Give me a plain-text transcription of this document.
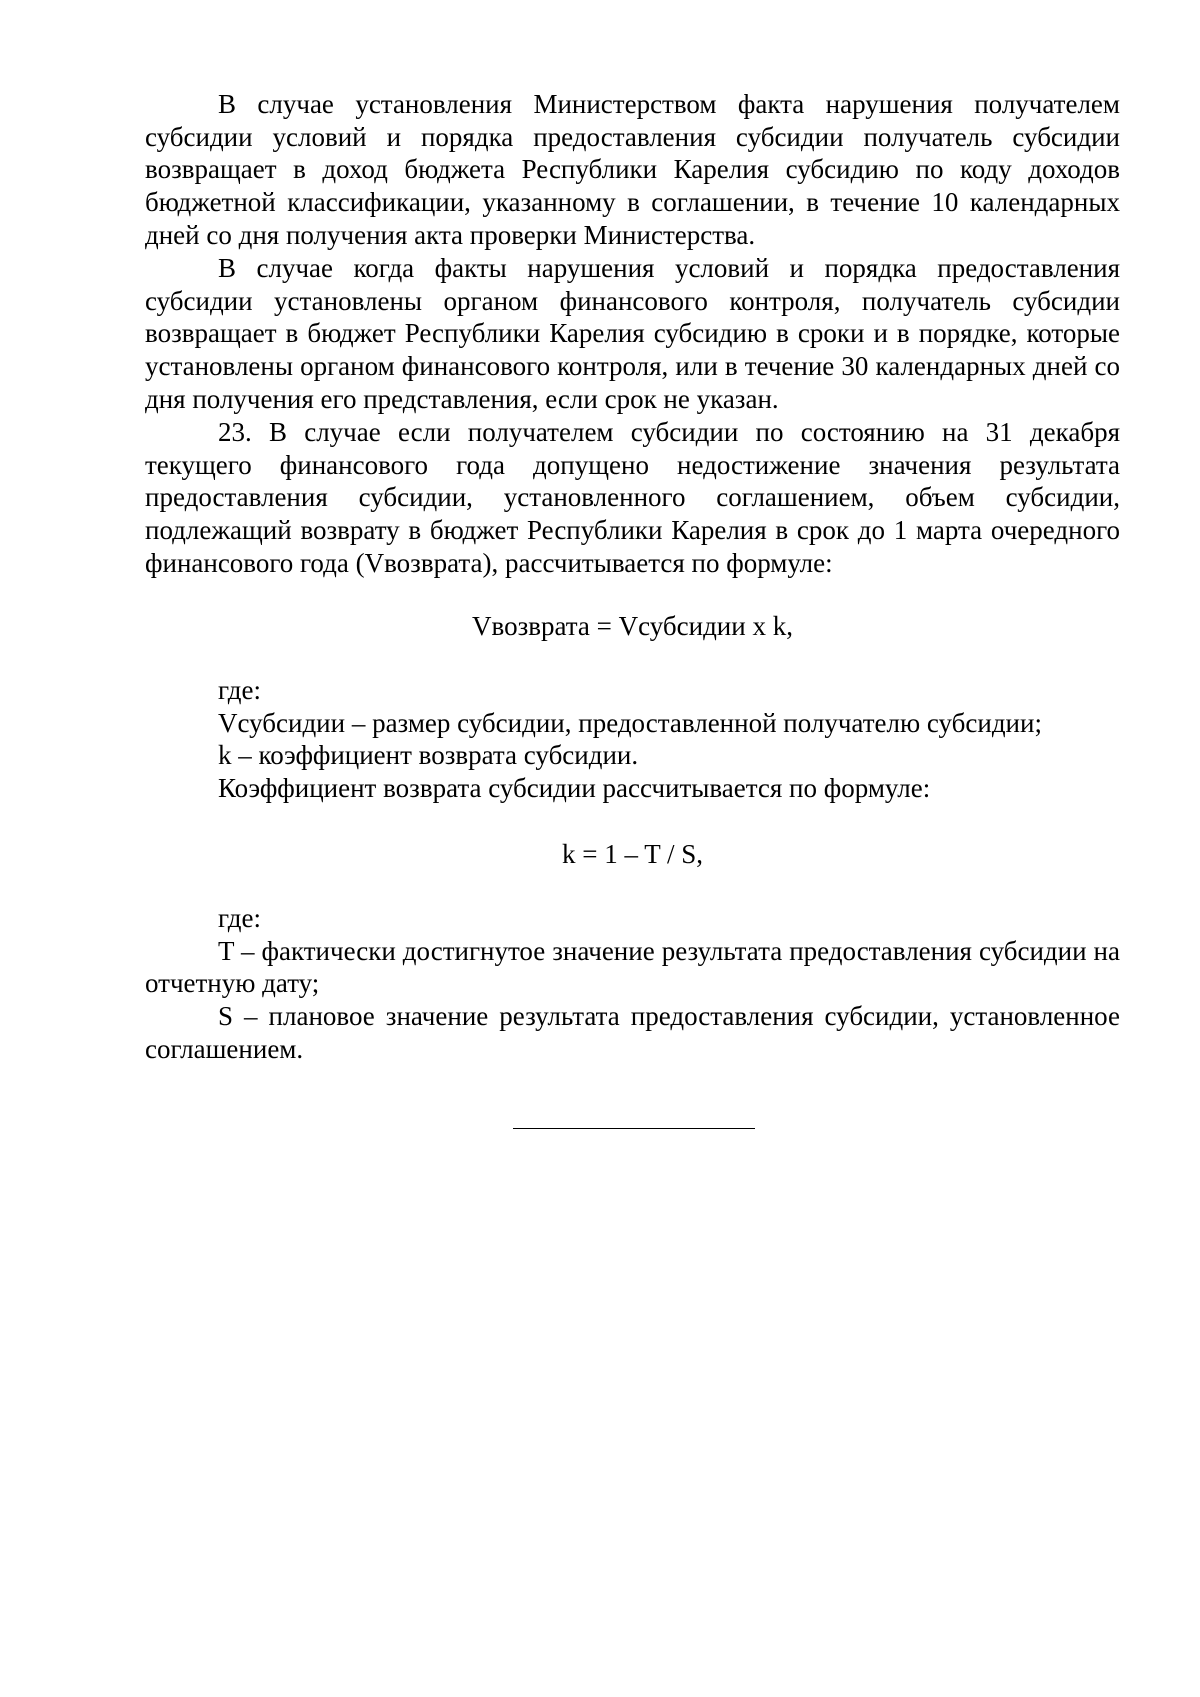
В случае установления Министерством факта нарушения получателем субсидии условий и порядка предоставления субсидии получатель субсидии возвращает в доход бюджета Республики Карелия субсидию по коду доходов бюджетной классификации, указанному в соглашении, в течение 10 календарных дней со дня получения акта проверки Министерства.

В случае когда факты нарушения условий и порядка предоставления субсидии установлены органом финансового контроля, получатель субсидии возвращает в бюджет Республики Карелия субсидию в сроки и в порядке, которые установлены органом финансового контроля, или в течение 30 календарных дней со дня получения его представления, если срок не указан.

23. В случае если получателем субсидии по состоянию на 31 декабря текущего финансового года допущено недостижение значения результата предоставления субсидии, установленного соглашением, объем субсидии, подлежащий возврату в бюджет Республики Карелия в срок до 1 марта очередного финансового года (Vвозврата), рассчитывается по формуле:

Vвозврата = Vсубсидии x k,

где:

Vсубсидии – размер субсидии, предоставленной получателю субсидии;

k – коэффициент возврата субсидии.

Коэффициент возврата субсидии рассчитывается по формуле:

k = 1 – T / S,

где:

T – фактически достигнутое значение результата предоставления субсидии на отчетную дату;

S – плановое значение результата предоставления субсидии, установленное соглашением.
